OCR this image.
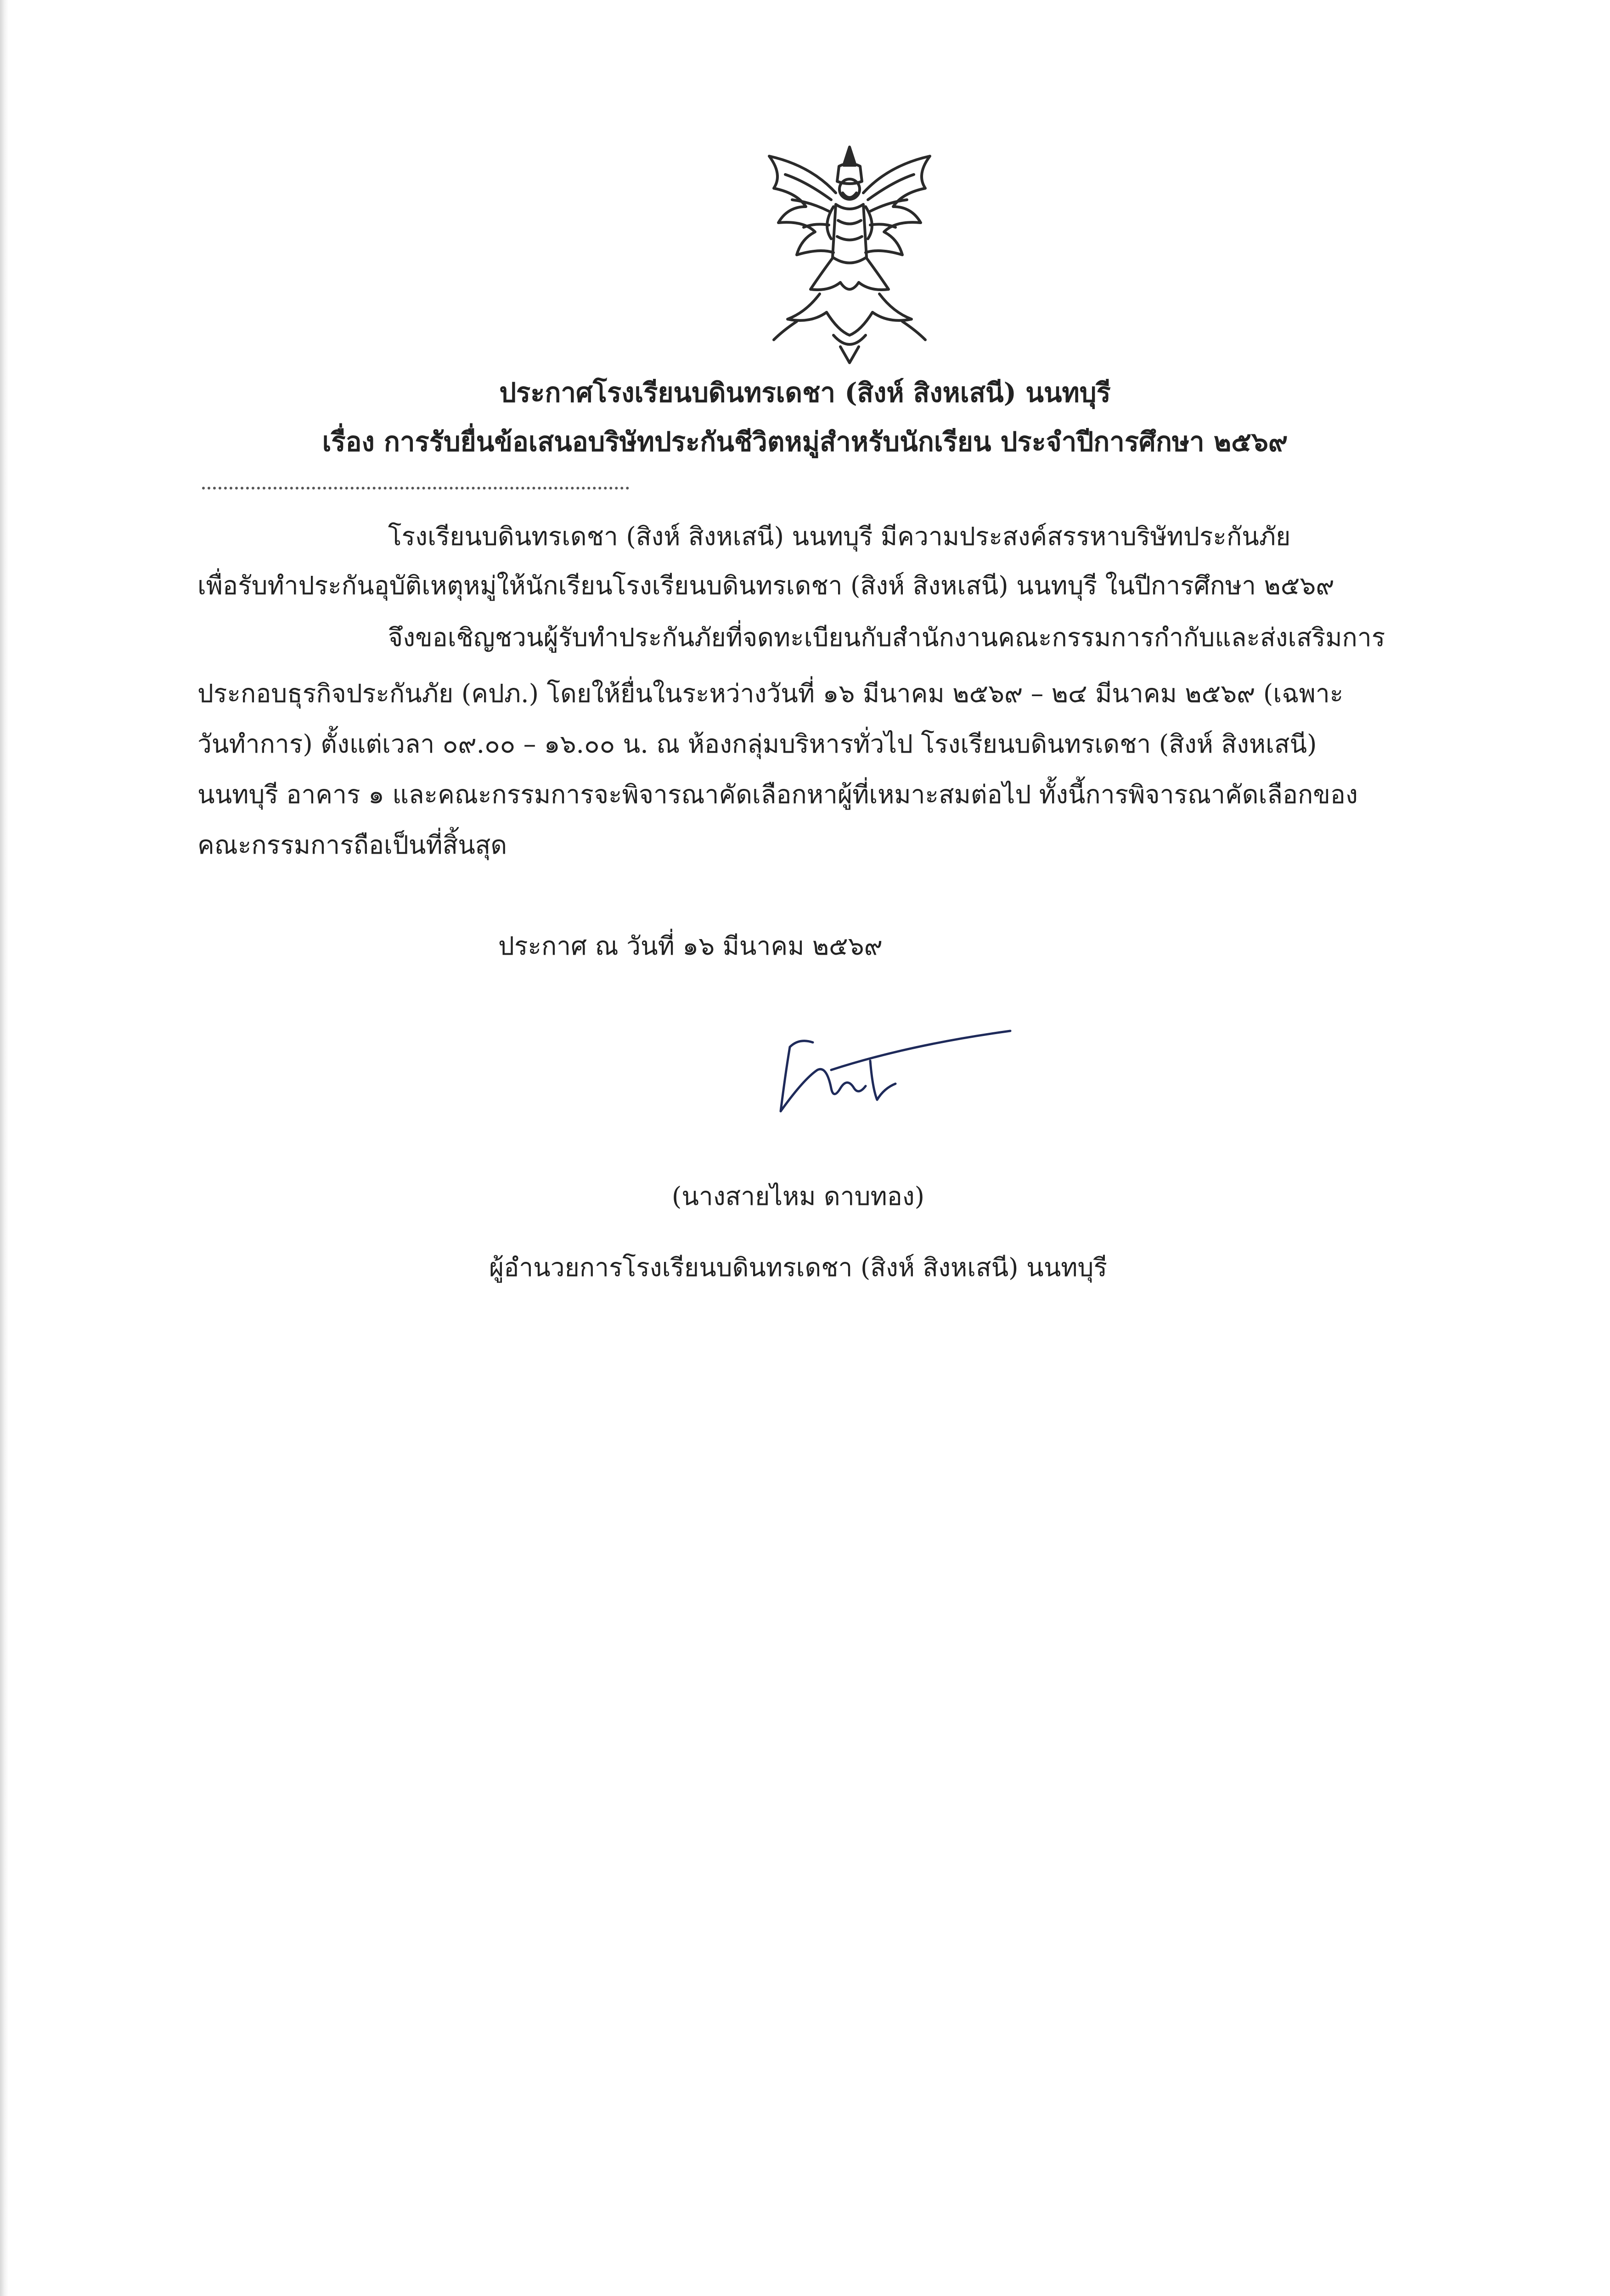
ประกาศโรงเรียนบดินทรเดชา (สิงห์ สิงหเสนี) นนทบุรี
เรื่อง การรับยื่นข้อเสนอบริษัทประกันชีวิตหมู่สำหรับนักเรียน ประจำปีการศึกษา ๒๕๖๙
โรงเรียนบดินทรเดชา (สิงห์ สิงหเสนี) นนทบุรี มีความประสงค์สรรหาบริษัทประกันภัย
เพื่อรับทำประกันอุบัติเหตุหมู่ให้นักเรียนโรงเรียนบดินทรเดชา (สิงห์ สิงหเสนี) นนทบุรี ในปีการศึกษา ๒๕๖๙
จึงขอเชิญชวนผู้รับทำประกันภัยที่จดทะเบียนกับสำนักงานคณะกรรมการกำกับและส่งเสริมการ
ประกอบธุรกิจประกันภัย (คปภ.) โดยให้ยื่นในระหว่างวันที่ ๑๖ มีนาคม ๒๕๖๙ – ๒๔ มีนาคม ๒๕๖๙ (เฉพาะ
วันทำการ) ตั้งแต่เวลา ๐๙.๐๐ – ๑๖.๐๐ น. ณ ห้องกลุ่มบริหารทั่วไป โรงเรียนบดินทรเดชา (สิงห์ สิงหเสนี)
นนทบุรี อาคาร ๑ และคณะกรรมการจะพิจารณาคัดเลือกหาผู้ที่เหมาะสมต่อไป ทั้งนี้การพิจารณาคัดเลือกของ
คณะกรรมการถือเป็นที่สิ้นสุด
ประกาศ ณ วันที่ ๑๖ มีนาคม ๒๕๖๙
(นางสายไหม ดาบทอง)
ผู้อำนวยการโรงเรียนบดินทรเดชา (สิงห์ สิงหเสนี) นนทบุรี
